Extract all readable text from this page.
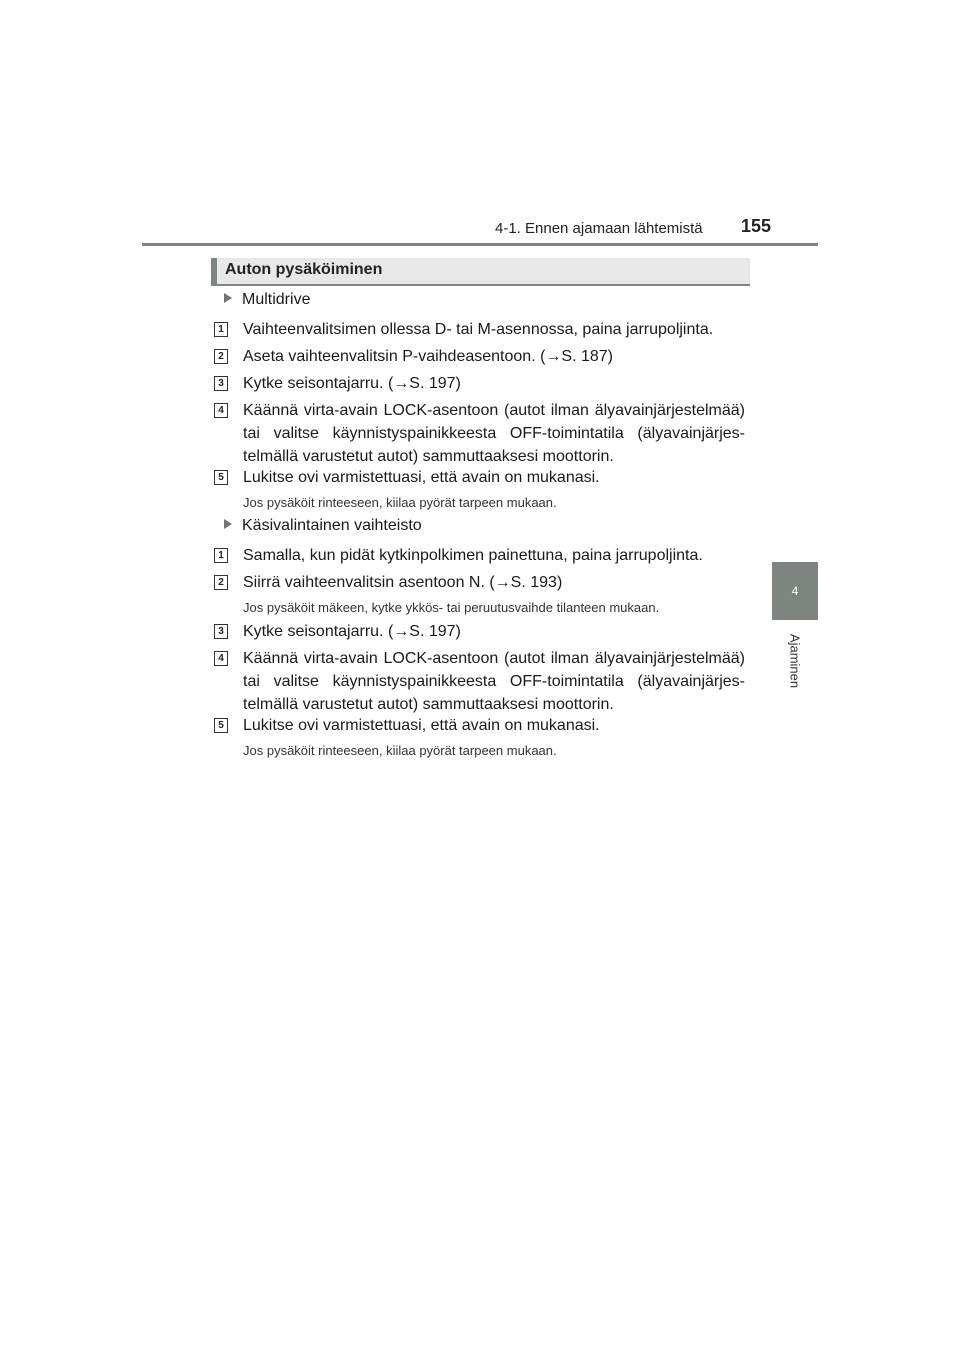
4-1. Ennen ajamaan lähtemistä 155
4
Ajaminen
Auton pysäköiminen
Multidrive
1 Vaihteenvalitsimen ollessa D- tai M-asennossa, paina jarrupoljinta.
2 Aseta vaihteenvalitsin P-vaihdeasentoon. (→S. 187)
3 Kytke seisontajarru. (→S. 197)
4 Käännä virta-avain LOCK-asentoon (autot ilman älyavainjärjestelmää) tai valitse käynnistyspainikkeesta OFF-toimintatila (älyavainjärjes-telmällä varustetut autot) sammuttaaksesi moottorin.
5 Lukitse ovi varmistettuasi, että avain on mukanasi.
Jos pysäköit rinteeseen, kiilaa pyörät tarpeen mukaan.
Käsivalintainen vaihteisto
1 Samalla, kun pidät kytkinpolkimen painettuna, paina jarrupoljinta.
2 Siirrä vaihteenvalitsin asentoon N. (→S. 193)
Jos pysäköit mäkeen, kytke ykkös- tai peruutusvaihde tilanteen mukaan.
3 Kytke seisontajarru. (→S. 197)
4 Käännä virta-avain LOCK-asentoon (autot ilman älyavainjärjestelmää) tai valitse käynnistyspainikkeesta OFF-toimintatila (älyavainjärjes-telmällä varustetut autot) sammuttaaksesi moottorin.
5 Lukitse ovi varmistettuasi, että avain on mukanasi.
Jos pysäköit rinteeseen, kiilaa pyörät tarpeen mukaan.
